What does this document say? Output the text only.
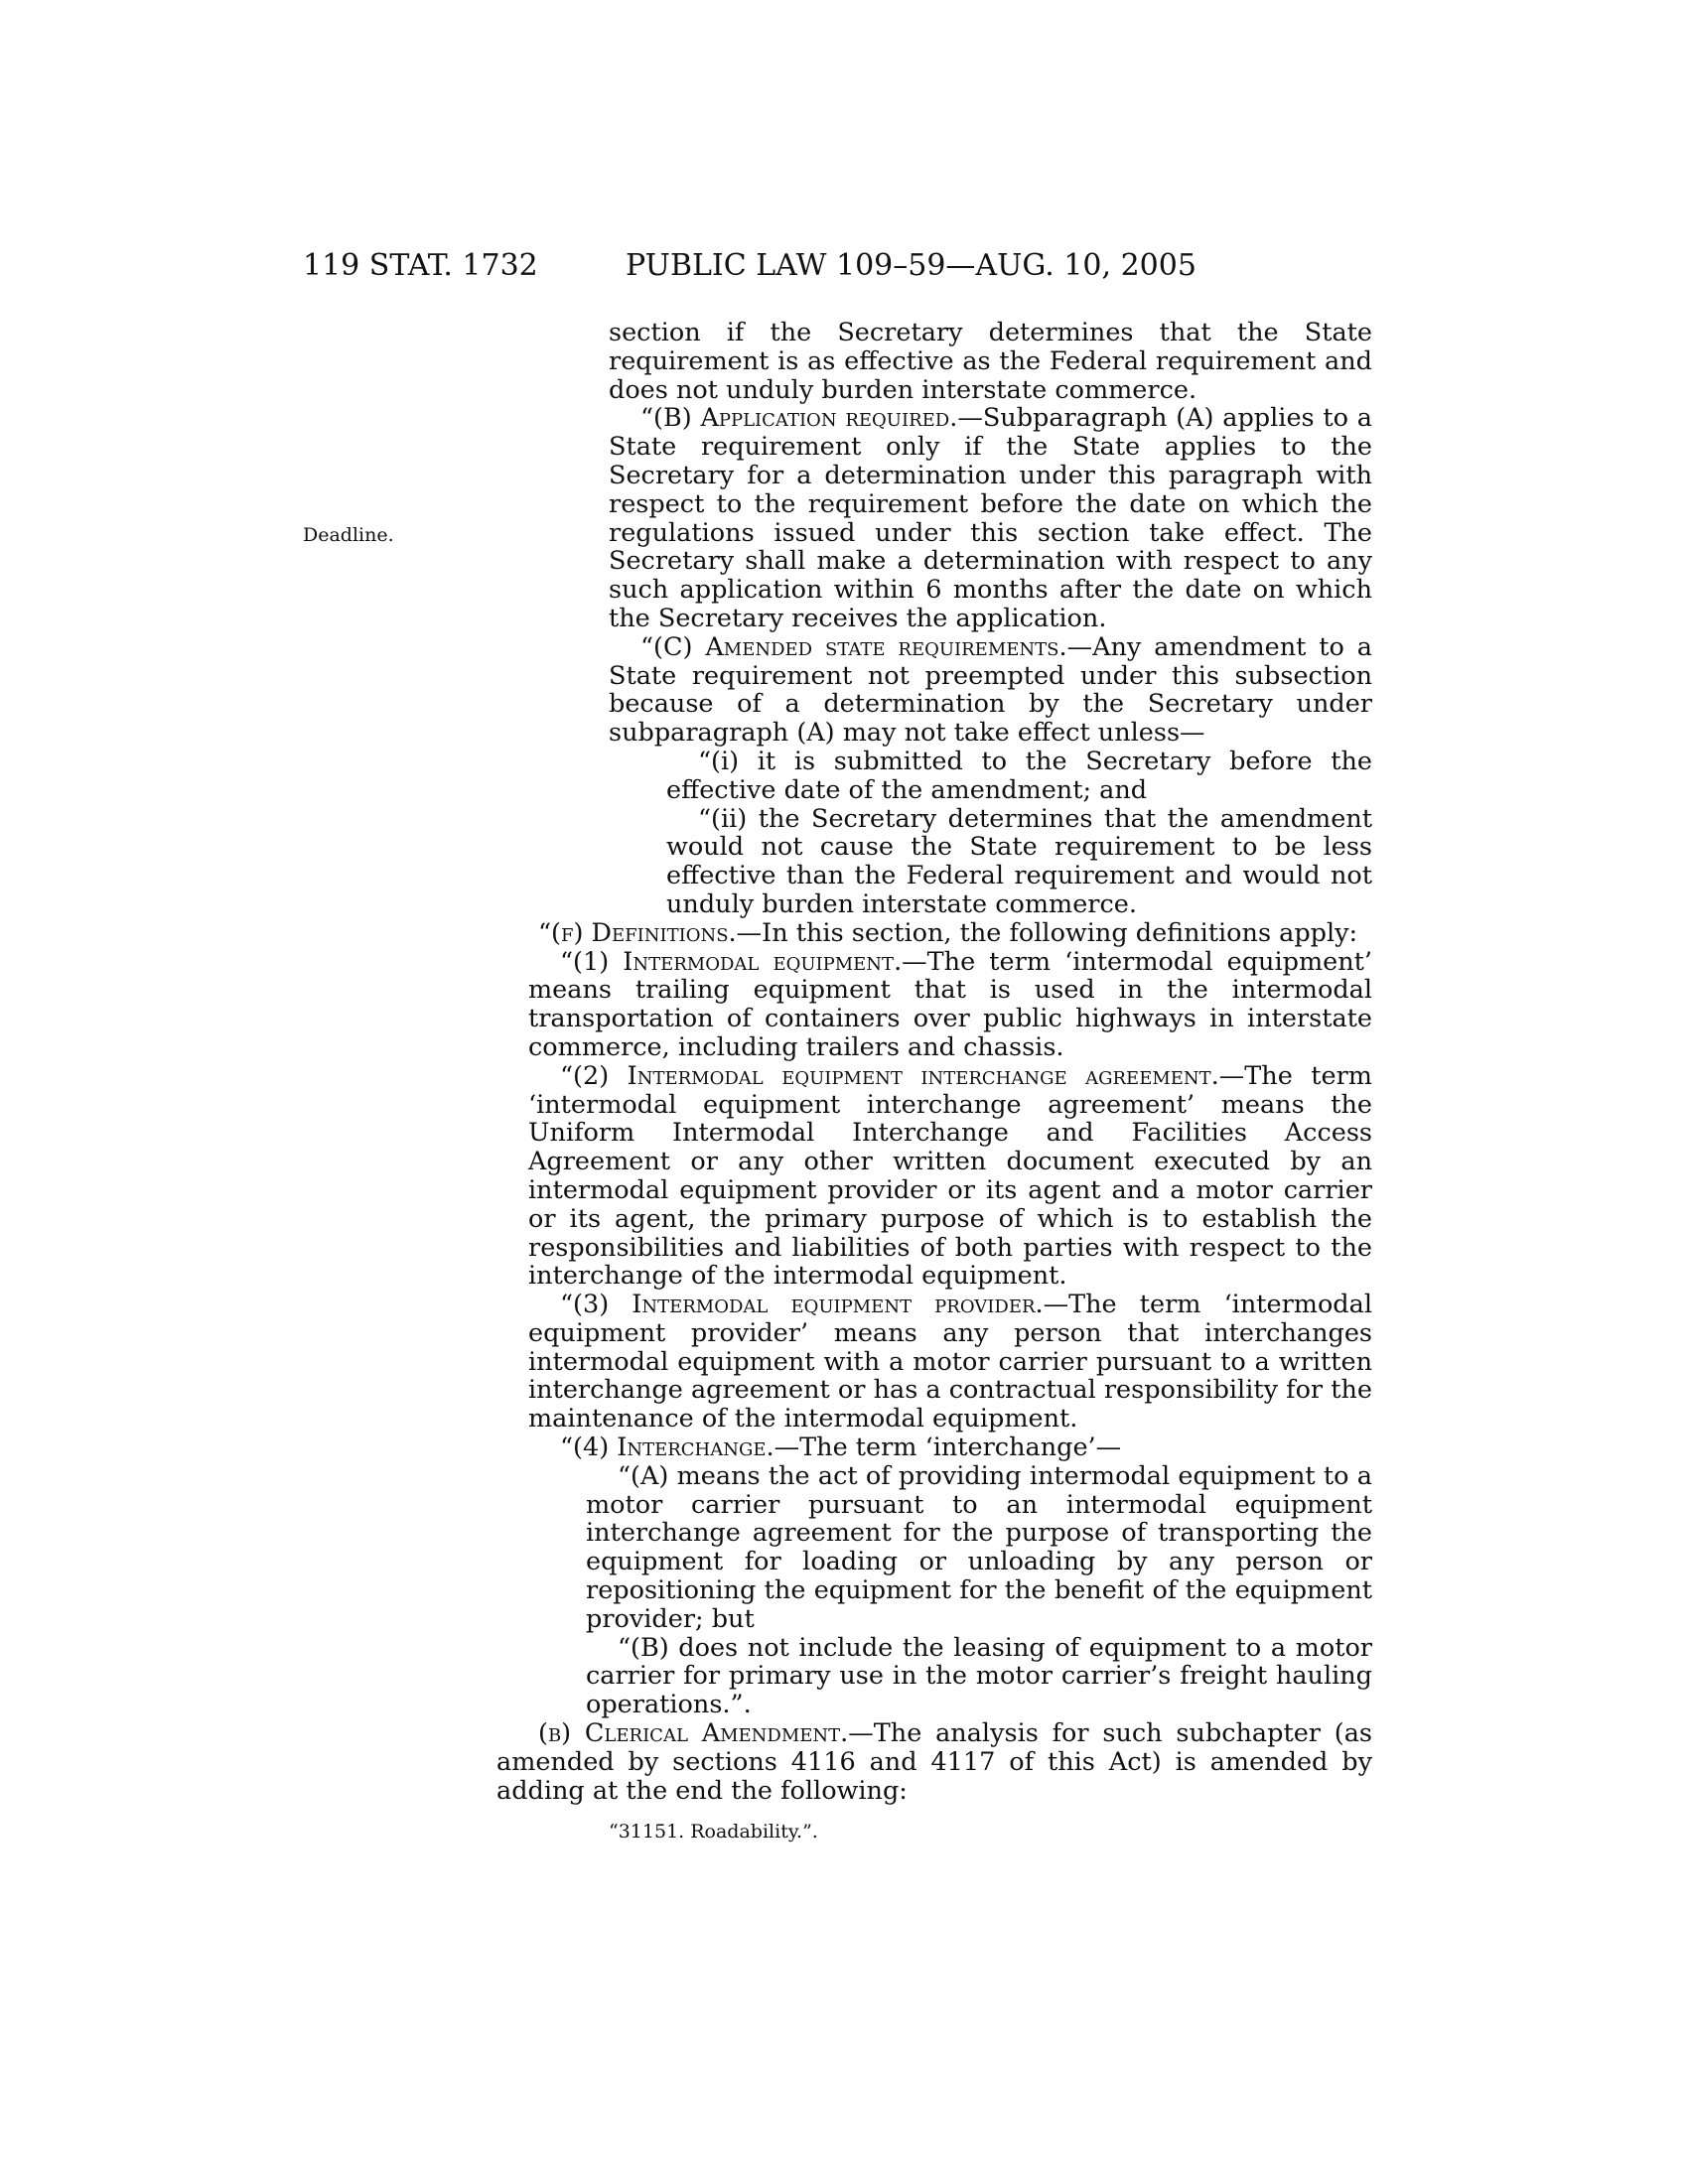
119 STAT. 1732	PUBLIC LAW 109–59—AUG. 10, 2005
Deadline.
section if the Secretary determines that the State requirement is as effective as the Federal requirement and does not unduly burden interstate commerce.
“(B) Application required.—Subparagraph (A) applies to a State requirement only if the State applies to the Secretary for a determination under this paragraph with respect to the requirement before the date on which the regulations issued under this section take effect. The Secretary shall make a determination with respect to any such application within 6 months after the date on which the Secretary receives the application.
“(C) Amended state requirements.—Any amendment to a State requirement not preempted under this subsection because of a determination by the Secretary under subparagraph (A) may not take effect unless—
“(i) it is submitted to the Secretary before the effective date of the amendment; and
“(ii) the Secretary determines that the amendment would not cause the State requirement to be less effective than the Federal requirement and would not unduly burden interstate commerce.
“(f) Definitions.—In this section, the following definitions apply:
“(1) Intermodal equipment.—The term ‘intermodal equipment’ means trailing equipment that is used in the intermodal transportation of containers over public highways in interstate commerce, including trailers and chassis.
“(2) Intermodal equipment interchange agreement.—The term ‘intermodal equipment interchange agreement’ means the Uniform Intermodal Interchange and Facilities Access Agreement or any other written document executed by an intermodal equipment provider or its agent and a motor carrier or its agent, the primary purpose of which is to establish the responsibilities and liabilities of both parties with respect to the interchange of the intermodal equipment.
“(3) Intermodal equipment provider.—The term ‘intermodal equipment provider’ means any person that interchanges intermodal equipment with a motor carrier pursuant to a written interchange agreement or has a contractual responsibility for the maintenance of the intermodal equipment.
“(4) Interchange.—The term ‘interchange’—
“(A) means the act of providing intermodal equipment to a motor carrier pursuant to an intermodal equipment interchange agreement for the purpose of transporting the equipment for loading or unloading by any person or repositioning the equipment for the benefit of the equipment provider; but
“(B) does not include the leasing of equipment to a motor carrier for primary use in the motor carrier’s freight hauling operations.”.
(b) Clerical Amendment.—The analysis for such subchapter (as amended by sections 4116 and 4117 of this Act) is amended by adding at the end the following:
“31151. Roadability.”.
